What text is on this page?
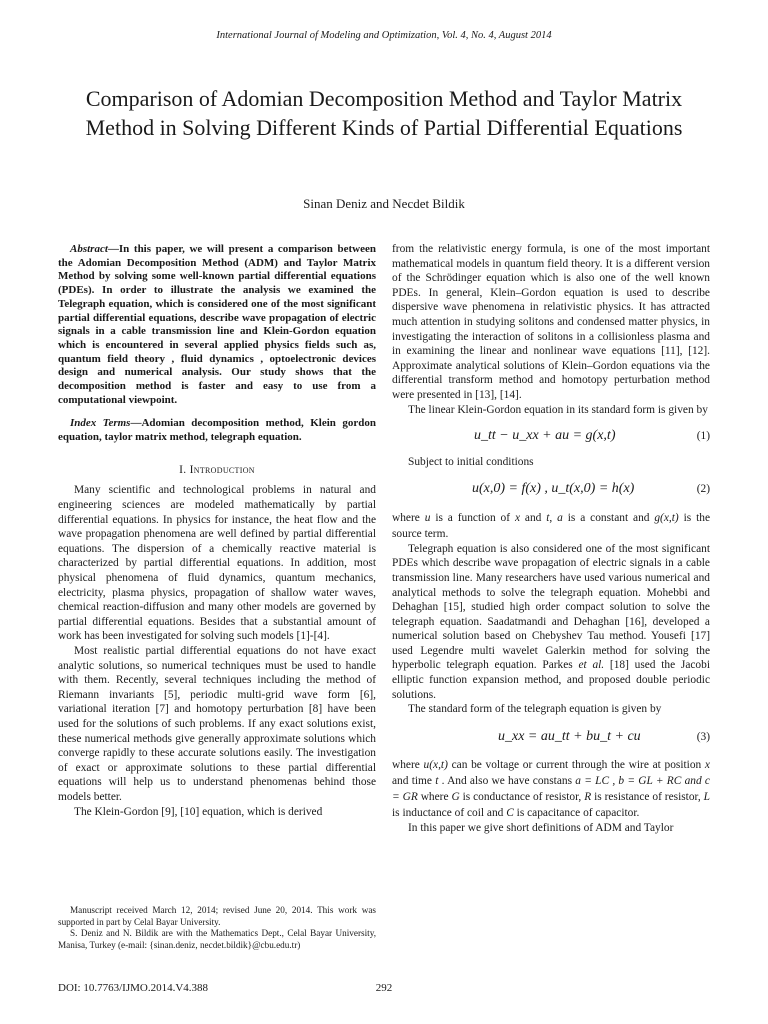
International Journal of Modeling and Optimization, Vol. 4, No. 4, August 2014
Comparison of Adomian Decomposition Method and Taylor Matrix Method in Solving Different Kinds of Partial Differential Equations
Sinan Deniz and Necdet Bildik

Abstract—In this paper, we will present a comparison between the Adomian Decomposition Method (ADM) and Taylor Matrix Method by solving some well-known partial differential equations (PDEs). In order to illustrate the analysis we examined the Telegraph equation, which is considered one of the most significant partial differential equations, describe wave propagation of electric signals in a cable transmission line and Klein-Gordon equation which is encountered in several applied physics fields such as, quantum field theory , fluid dynamics , optoelectronic devices design and numerical analysis. Our study shows that the decomposition method is faster and easy to use from a computational viewpoint.

Index Terms—Adomian decomposition method, Klein gordon equation, taylor matrix method, telegraph equation.

I. Introduction

Many scientific and technological problems in natural and engineering sciences are modeled mathematically by partial differential equations. In physics for instance, the heat flow and the wave propagation phenomena are well defined by partial differential equations. The dispersion of a chemically reactive material is characterized by partial differential equations. In addition, most physical phenomena of fluid dynamics, quantum mechanics, electricity, plasma physics, propagation of shallow water waves, chemical reaction-diffusion and many other models are governed by partial differential equations. Besides that a substantial amount of work has been investigated for solving such models [1]-[4].

Most realistic partial differential equations do not have exact analytic solutions, so numerical techniques must be used to handle with them. Recently, several techniques including the method of Riemann invariants [5], periodic multi-grid wave form [6], variational iteration [7] and homotopy perturbation [8] have been used for the solutions of such problems. If any exact solutions exist, these numerical methods give generally approximate solutions which converge rapidly to these accurate solutions easily. The investigation of exact or approximate solutions to these partial differential equations will help us to understand phenomenas behind those models better.

The Klein-Gordon [9], [10] equation, which is derived

from the relativistic energy formula, is one of the most important mathematical models in quantum field theory. It is a different version of the Schrödinger equation which is also one of the well known PDEs. In general, Klein–Gordon equation is used to describe dispersive wave phenomena in relativistic physics. It has attracted much attention in studying solitons and condensed matter physics, in investigating the interaction of solitons in a collisionless plasma and in examining the linear and nonlinear wave equations [11], [12]. Approximate analytical solutions of Klein–Gordon equations via the differential transform method and homotopy perturbation method were presented in [13], [14].

The linear Klein-Gordon equation in its standard form is given by

u_tt − u_xx + au = g(x,t)	(1)

Subject to initial conditions

u(x,0) = f(x) , u_t(x,0) = h(x)	(2)

where u is a function of x and t, a is a constant and g(x,t) is the source term.

Telegraph equation is also considered one of the most significant PDEs which describe wave propagation of electric signals in a cable transmission line. Many researchers have used various numerical and analytical methods to solve the telegraph equation. Mohebbi and Dehaghan [15], studied high order compact solution to solve the telegraph equation. Saadatmandi and Dehaghan [16], developed a numerical solution based on Chebyshev Tau method. Yousefi [17] used Legendre multi wavelet Galerkin method for solving the hyperbolic telegraph equation. Parkes et al. [18] used the Jacobi elliptic function expansion method, and proposed double periodic solutions.

The standard form of the telegraph equation is given by

u_xx = au_tt + bu_t + cu	(3)

where u(x,t) can be voltage or current through the wire at position x and time t . And also we have constans a = LC , b = GL + RC and c = GR where G is conductance of resistor, R is resistance of resistor, L is inductance of coil and C is capacitance of capacitor.

In this paper we give short definitions of ADM and Taylor

Manuscript received March 12, 2014; revised June 20, 2014. This work was supported in part by Celal Bayar University.

S. Deniz and N. Bildik are with the Mathematics Dept., Celal Bayar University, Manisa, Turkey (e-mail: {sinan.deniz, necdet.bildik}@cbu.edu.tr)

DOI: 10.7763/IJMO.2014.V4.388	292
